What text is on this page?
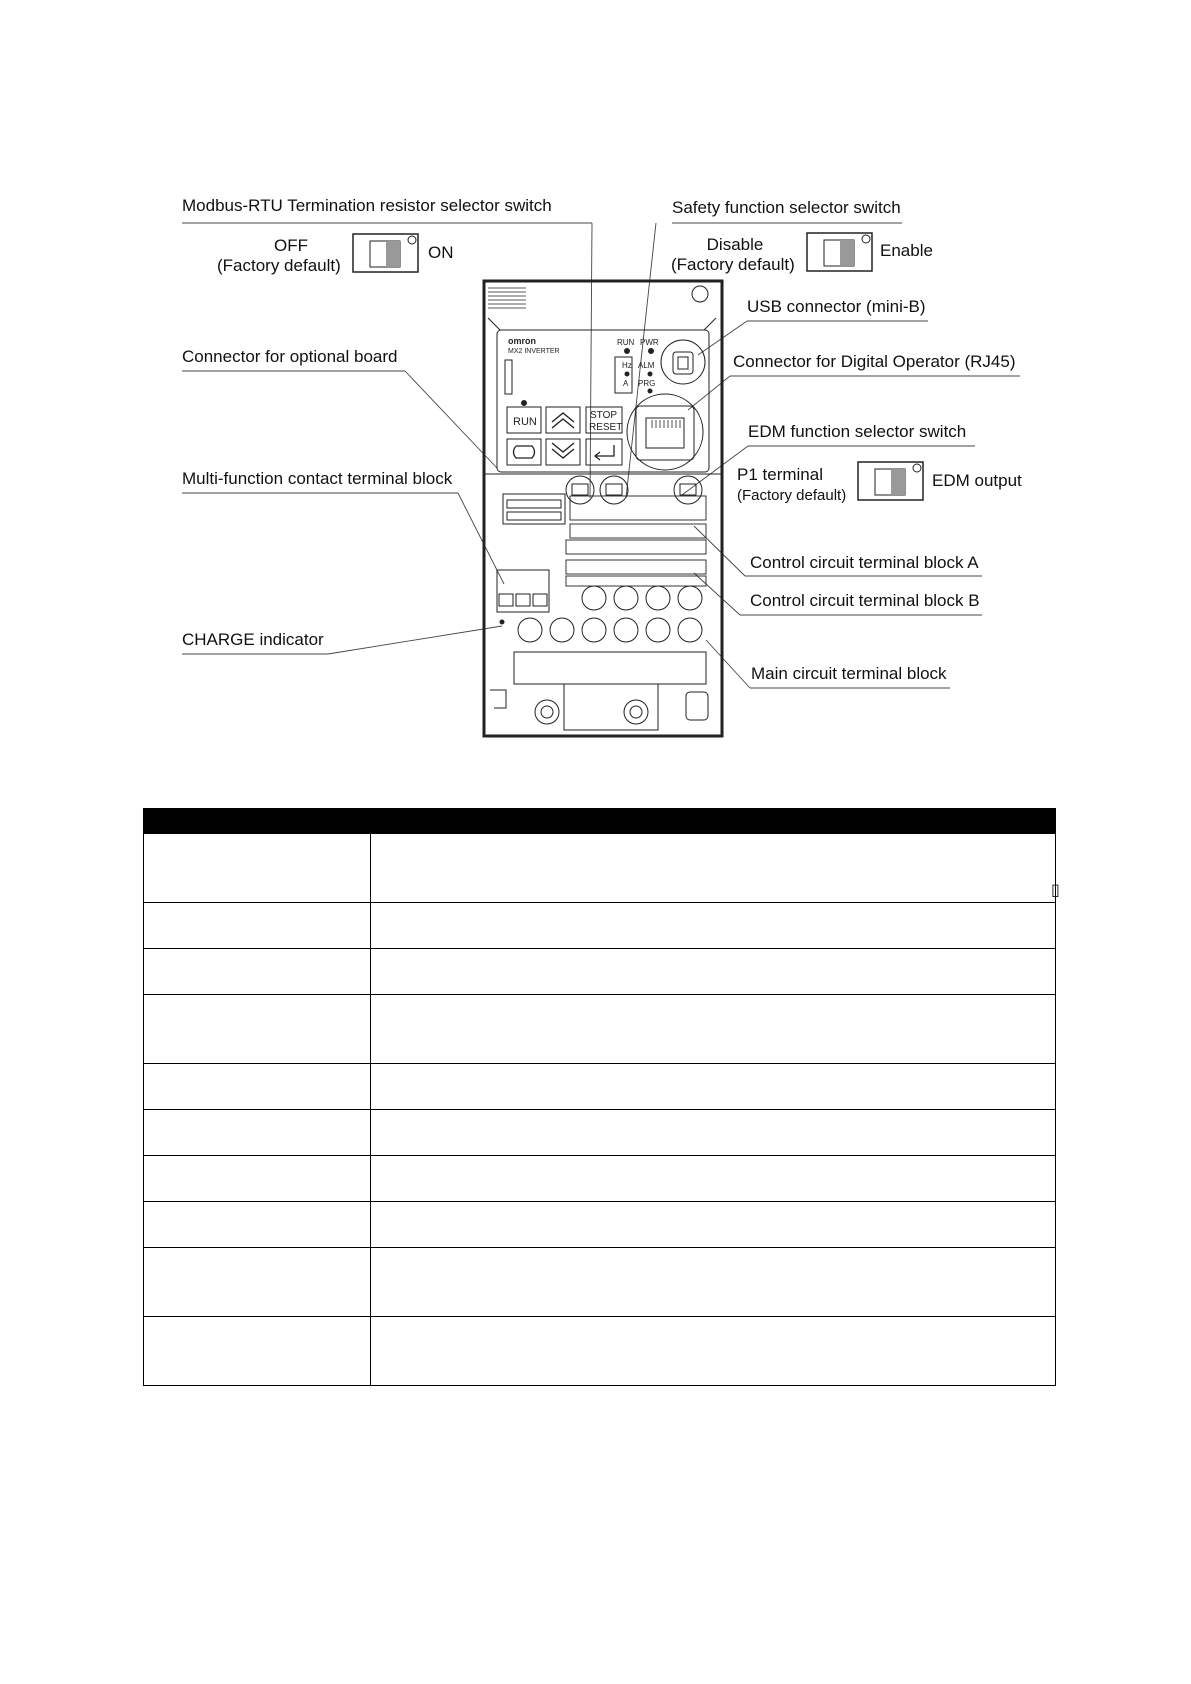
omron
MX2 INVERTER
RUN PWR
Hz
A
ALM
PRG
RUN
STOP
RESET
Modbus-RTU Termination resistor selector switch
OFF
(Factory default)
ON
Safety function selector switch
Disable
(Factory default)
Enable
USB connector (mini-B)
Connector for optional board	Connector for Digital Operator (RJ45)
EDM function selector switch
P1 terminal
(Factory default)
EDM output
Multi-function contact terminal block
Control circuit terminal block A
Control circuit terminal block B
CHARGE indicator
Main circuit terminal block

	▯
